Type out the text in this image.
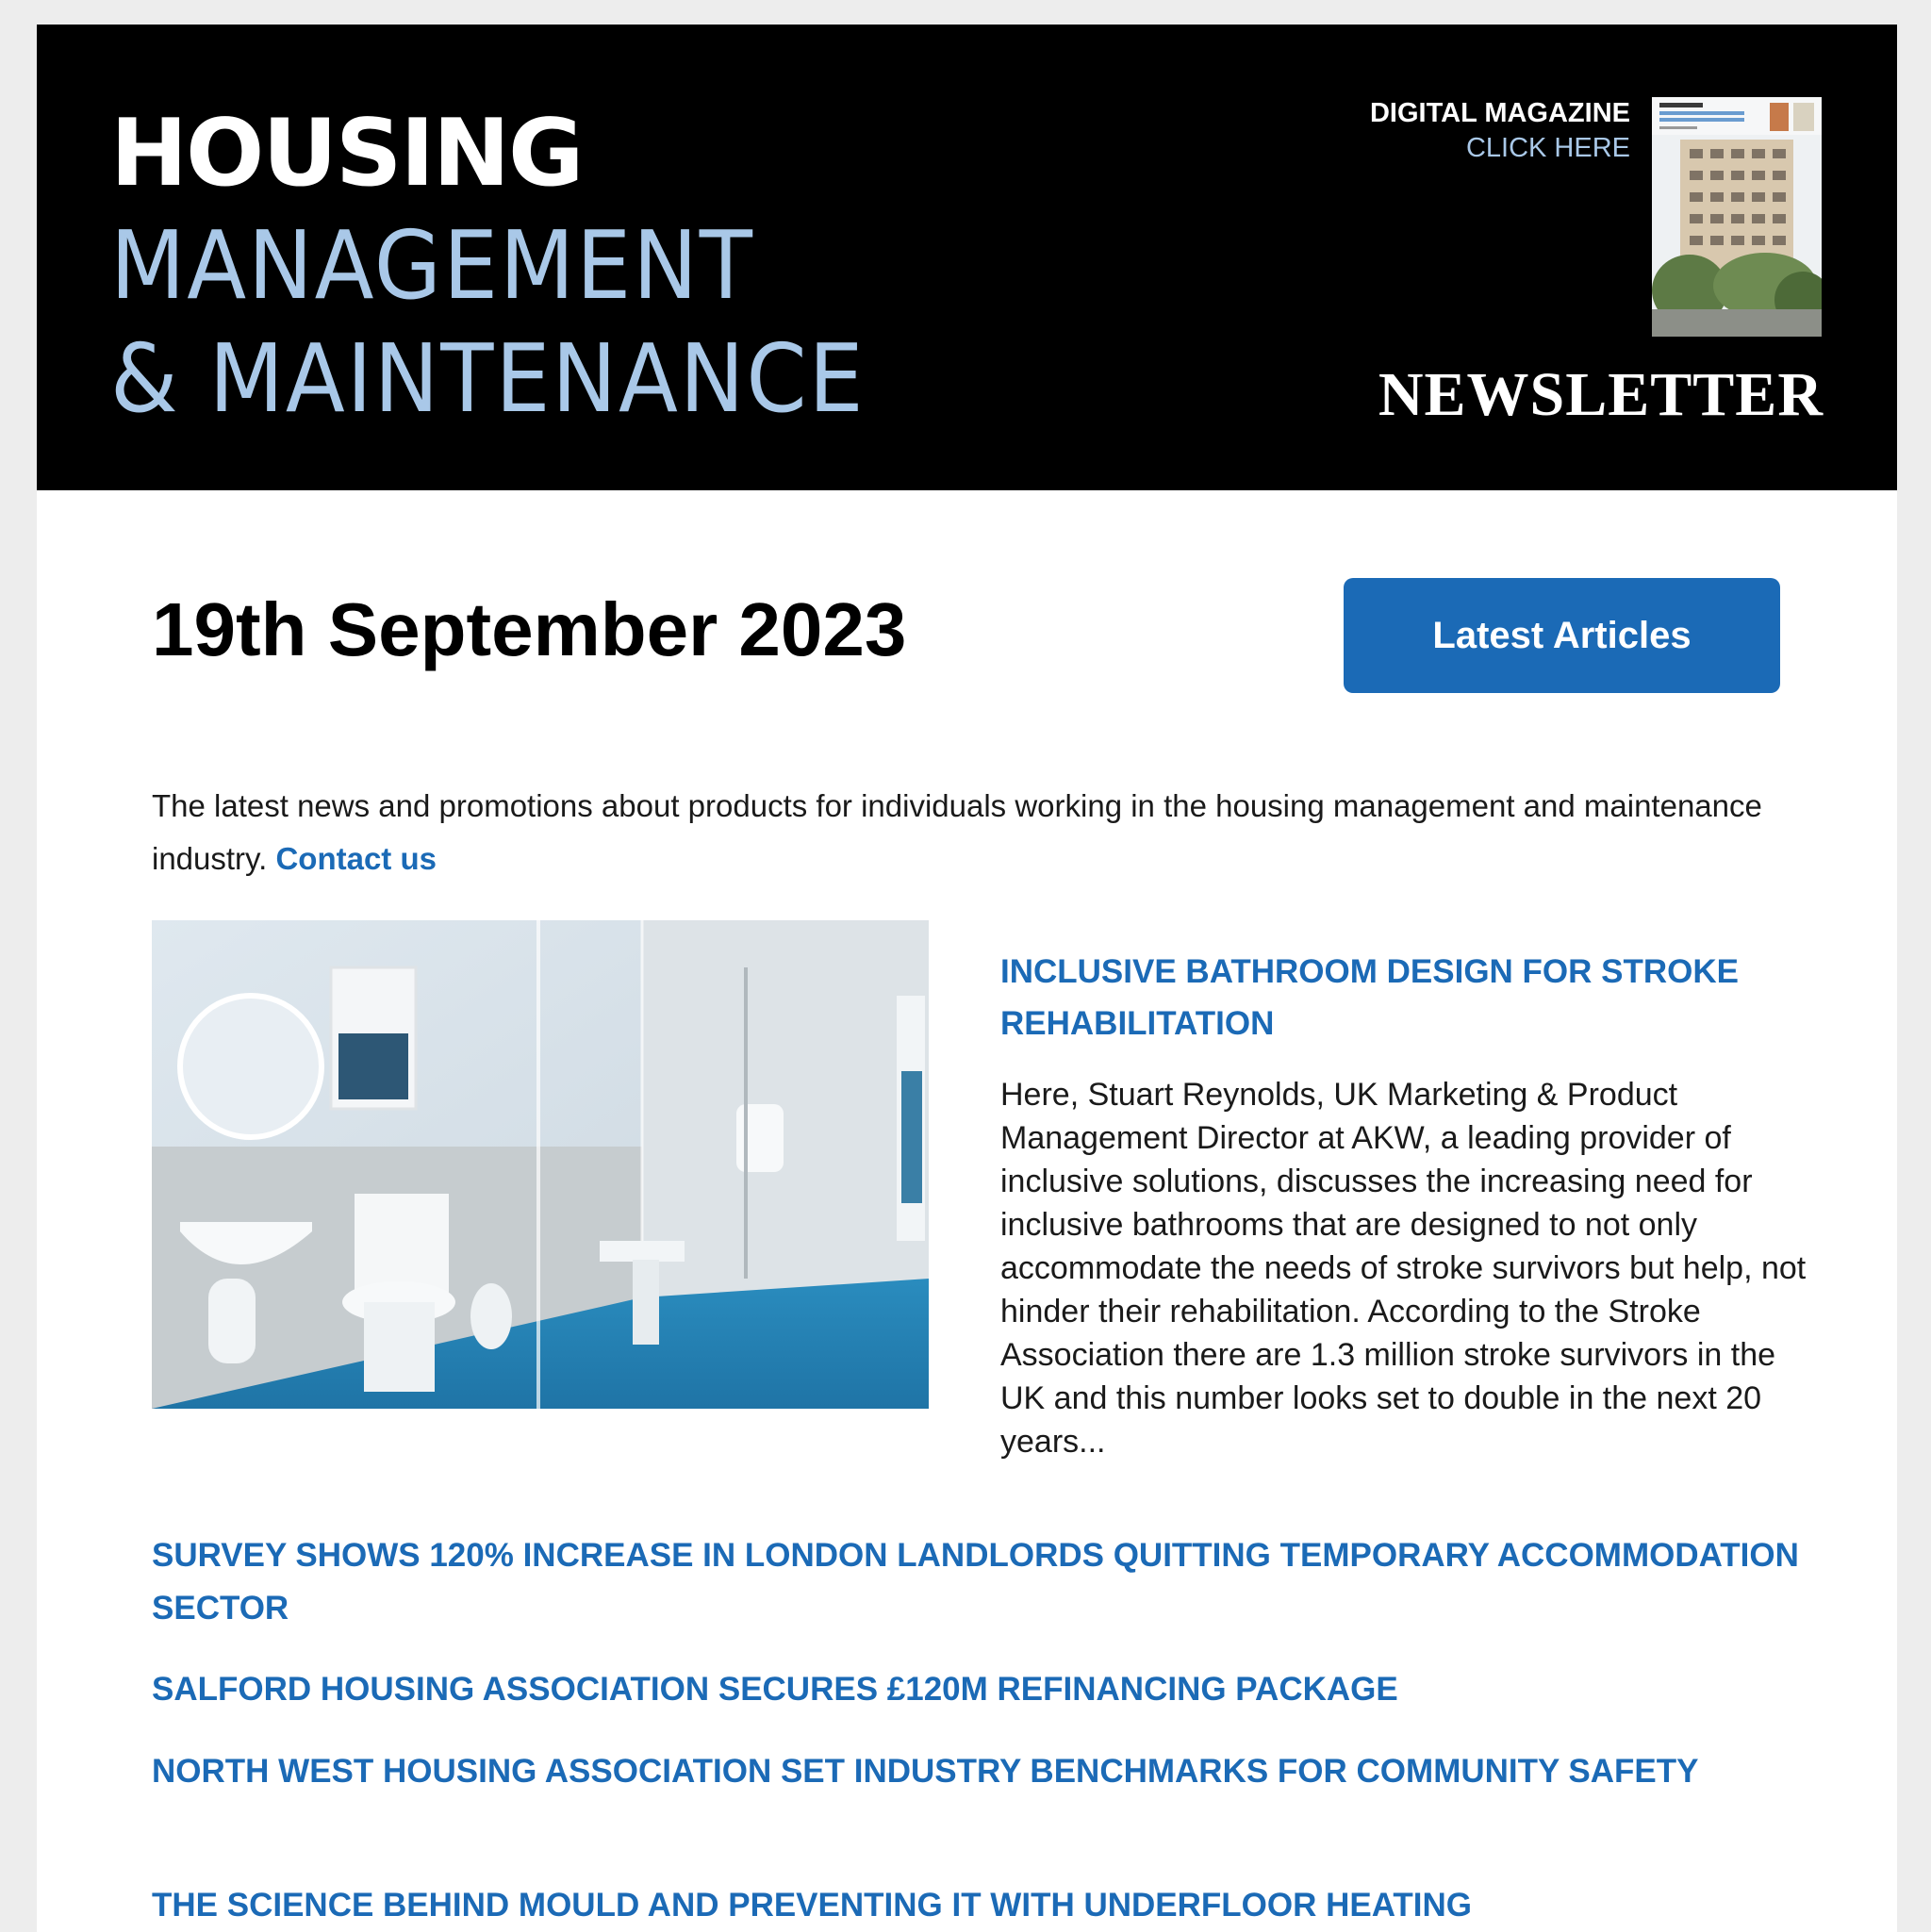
HOUSING
MANAGEMENT
& MAINTENANCE
DIGITAL MAGAZINE
CLICK HERE
NEWSLETTER
19th September 2023	Latest Articles
The latest news and promotions about products for individuals working in the housing management and maintenance industry. Contact us
INCLUSIVE BATHROOM DESIGN FOR STROKE REHABILITATION
Here, Stuart Reynolds, UK Marketing & Product Management Director at AKW, a leading provider of inclusive solutions, discusses the increasing need for inclusive bathrooms that are designed to not only accommodate the needs of stroke survivors but help, not hinder their rehabilitation. According to the Stroke Association there are 1.3 million stroke survivors in the UK and this number looks set to double in the next 20 years...
SURVEY SHOWS 120% INCREASE IN LONDON LANDLORDS QUITTING TEMPORARY ACCOMMODATION SECTOR
SALFORD HOUSING ASSOCIATION SECURES £120M REFINANCING PACKAGE
NORTH WEST HOUSING ASSOCIATION SET INDUSTRY BENCHMARKS FOR COMMUNITY SAFETY
THE SCIENCE BEHIND MOULD AND PREVENTING IT WITH UNDERFLOOR HEATING
